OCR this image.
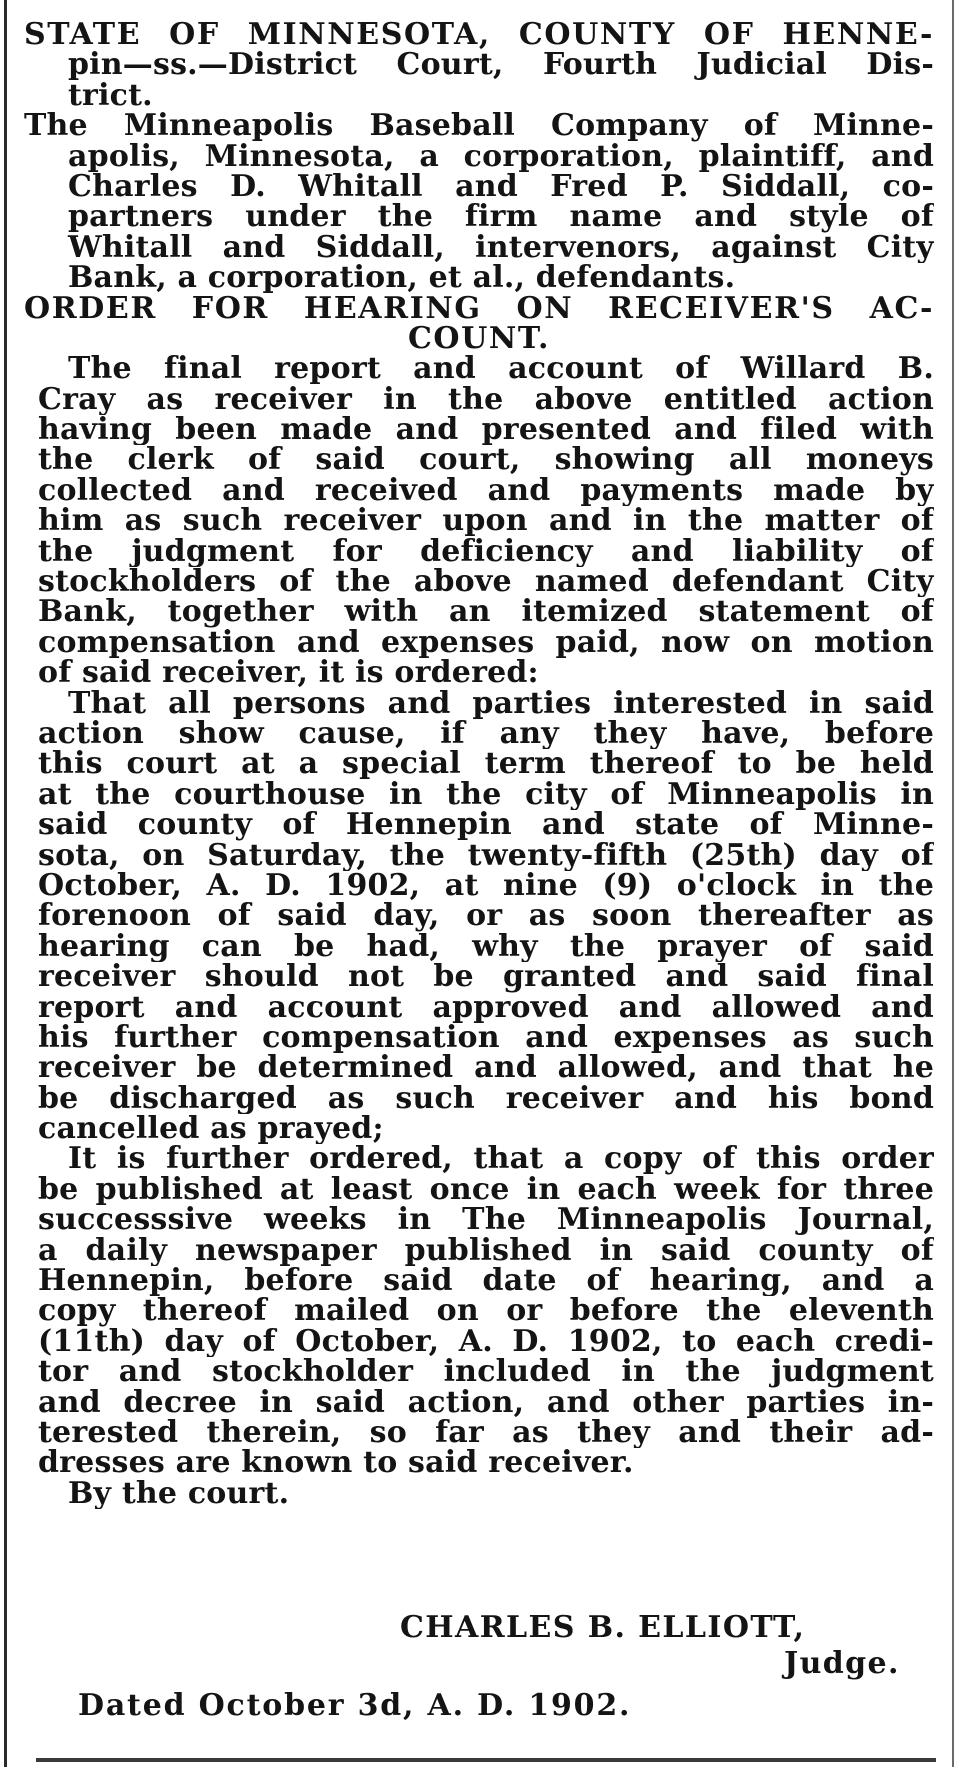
STATE OF MINNESOTA, COUNTY OF HENNE-
pin—ss.—District Court, Fourth Judicial Dis-
trict.
The Minneapolis Baseball Company of Minne-
apolis, Minnesota, a corporation, plaintiff, and
Charles D. Whitall and Fred P. Siddall, co-
partners under the firm name and style of
Whitall and Siddall, intervenors, against City
Bank, a corporation, et al., defendants.
ORDER FOR HEARING ON RECEIVER'S AC-
COUNT.
The final report and account of Willard B.
Cray as receiver in the above entitled action
having been made and presented and filed with
the clerk of said court, showing all moneys
collected and received and payments made by
him as such receiver upon and in the matter of
the judgment for deficiency and liability of
stockholders of the above named defendant City
Bank, together with an itemized statement of
compensation and expenses paid, now on motion
of said receiver, it is ordered:
That all persons and parties interested in said
action show cause, if any they have, before
this court at a special term thereof to be held
at the courthouse in the city of Minneapolis in
said county of Hennepin and state of Minne-
sota, on Saturday, the twenty-fifth (25th) day of
October, A. D. 1902, at nine (9) o'clock in the
forenoon of said day, or as soon thereafter as
hearing can be had, why the prayer of said
receiver should not be granted and said final
report and account approved and allowed and
his further compensation and expenses as such
receiver be determined and allowed, and that he
be discharged as such receiver and his bond
cancelled as prayed;
It is further ordered, that a copy of this order
be published at least once in each week for three
successsive weeks in The Minneapolis Journal,
a daily newspaper published in said county of
Hennepin, before said date of hearing, and a
copy thereof mailed on or before the eleventh
(11th) day of October, A. D. 1902, to each credi-
tor and stockholder included in the judgment
and decree in said action, and other parties in-
terested therein, so far as they and their ad-
dresses are known to said receiver.
By the court.
CHARLES B. ELLIOTT,
Judge.
Dated October 3d, A. D. 1902.
